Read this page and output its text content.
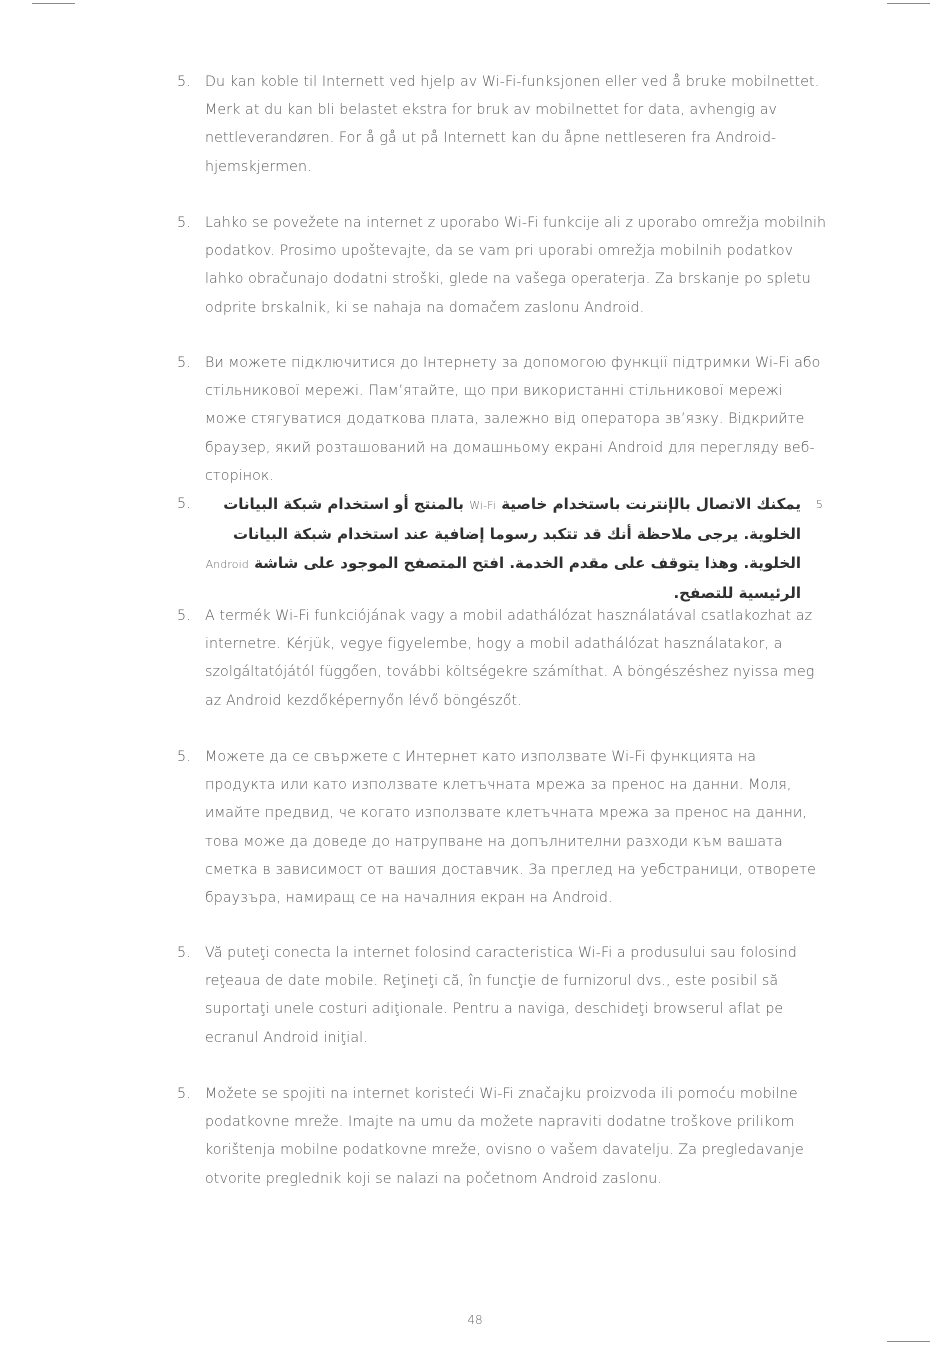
5. Du kan koble til Internett ved hjelp av Wi-Fi-funksjonen eller ved å bruke mobilnettet. Merk at du kan bli belastet ekstra for bruk av mobilnettet for data, avhengig av nettleverandøren. For å gå ut på Internett kan du åpne nettleseren fra Android-hjemskjermen.
5. Lahko se povežete na internet z uporabo Wi-Fi funkcije ali z uporabo omrežja mobilnih podatkov. Prosimo upoštevajte, da se vam pri uporabi omrežja mobilnih podatkov lahko obračunajo dodatni stroški, glede na vašega operaterja. Za brskanje po spletu odprite brskalnik, ki se nahaja na domačem zaslonu Android.
5. Ви можете підключитися до Інтернету за допомогою функції підтримки Wi-Fi або стільникової мережі. Пам’ятайте, що при використанні стільникової мережі може стягуватися додаткова плата, залежно від оператора зв’язку. Відкрийте браузер, який розташований на домашньому екрані Android для перегляду веб-сторінок.
5.	5
يمكنك الاتصال بالإنترنت باستخدام خاصية Wi-Fi بالمنتج أو استخدام شبكة البيانات الخلوية. يرجى ملاحظة أنك قد تتكبد رسوما إضافية عند استخدام شبكة البيانات الخلوية. وهذا يتوقف على مقدم الخدمة. افتح المتصفح الموجود على شاشة Android الرئيسية للتصفح.
5. A termék Wi-Fi funkciójának vagy a mobil adathálózat használatával csatlakozhat az internetre. Kérjük, vegye figyelembe, hogy a mobil adathálózat használatakor, a szolgáltatójától függően, további költségekre számíthat. A böngészéshez nyissa meg az Android kezdőképernyőn lévő böngészőt.
5. Можете да се свържете с Интернет като използвате Wi-Fi функцията на продукта или като използвате клетъчната мрежа за пренос на данни. Моля, имайте предвид, че когато използвате клетъчната мрежа за пренос на данни, това може да доведе до натрупване на допълнителни разходи към вашата сметка в зависимост от вашия доставчик. За преглед на уебстраници, отворете браузъра, намиращ се на началния екран на Android.
5. Vă puteţi conecta la internet folosind caracteristica Wi-Fi a produsului sau folosind reţeaua de date mobile. Reţineţi că, în funcţie de furnizorul dvs., este posibil să suportaţi unele costuri adiţionale. Pentru a naviga, deschideţi browserul aflat pe ecranul Android iniţial.
5. Možete se spojiti na internet koristeći Wi-Fi značajku proizvoda ili pomoću mobilne podatkovne mreže. Imajte na umu da možete napraviti dodatne troškove prilikom korištenja mobilne podatkovne mreže, ovisno o vašem davatelju. Za pregledavanje otvorite preglednik koji se nalazi na početnom Android zaslonu.
48
